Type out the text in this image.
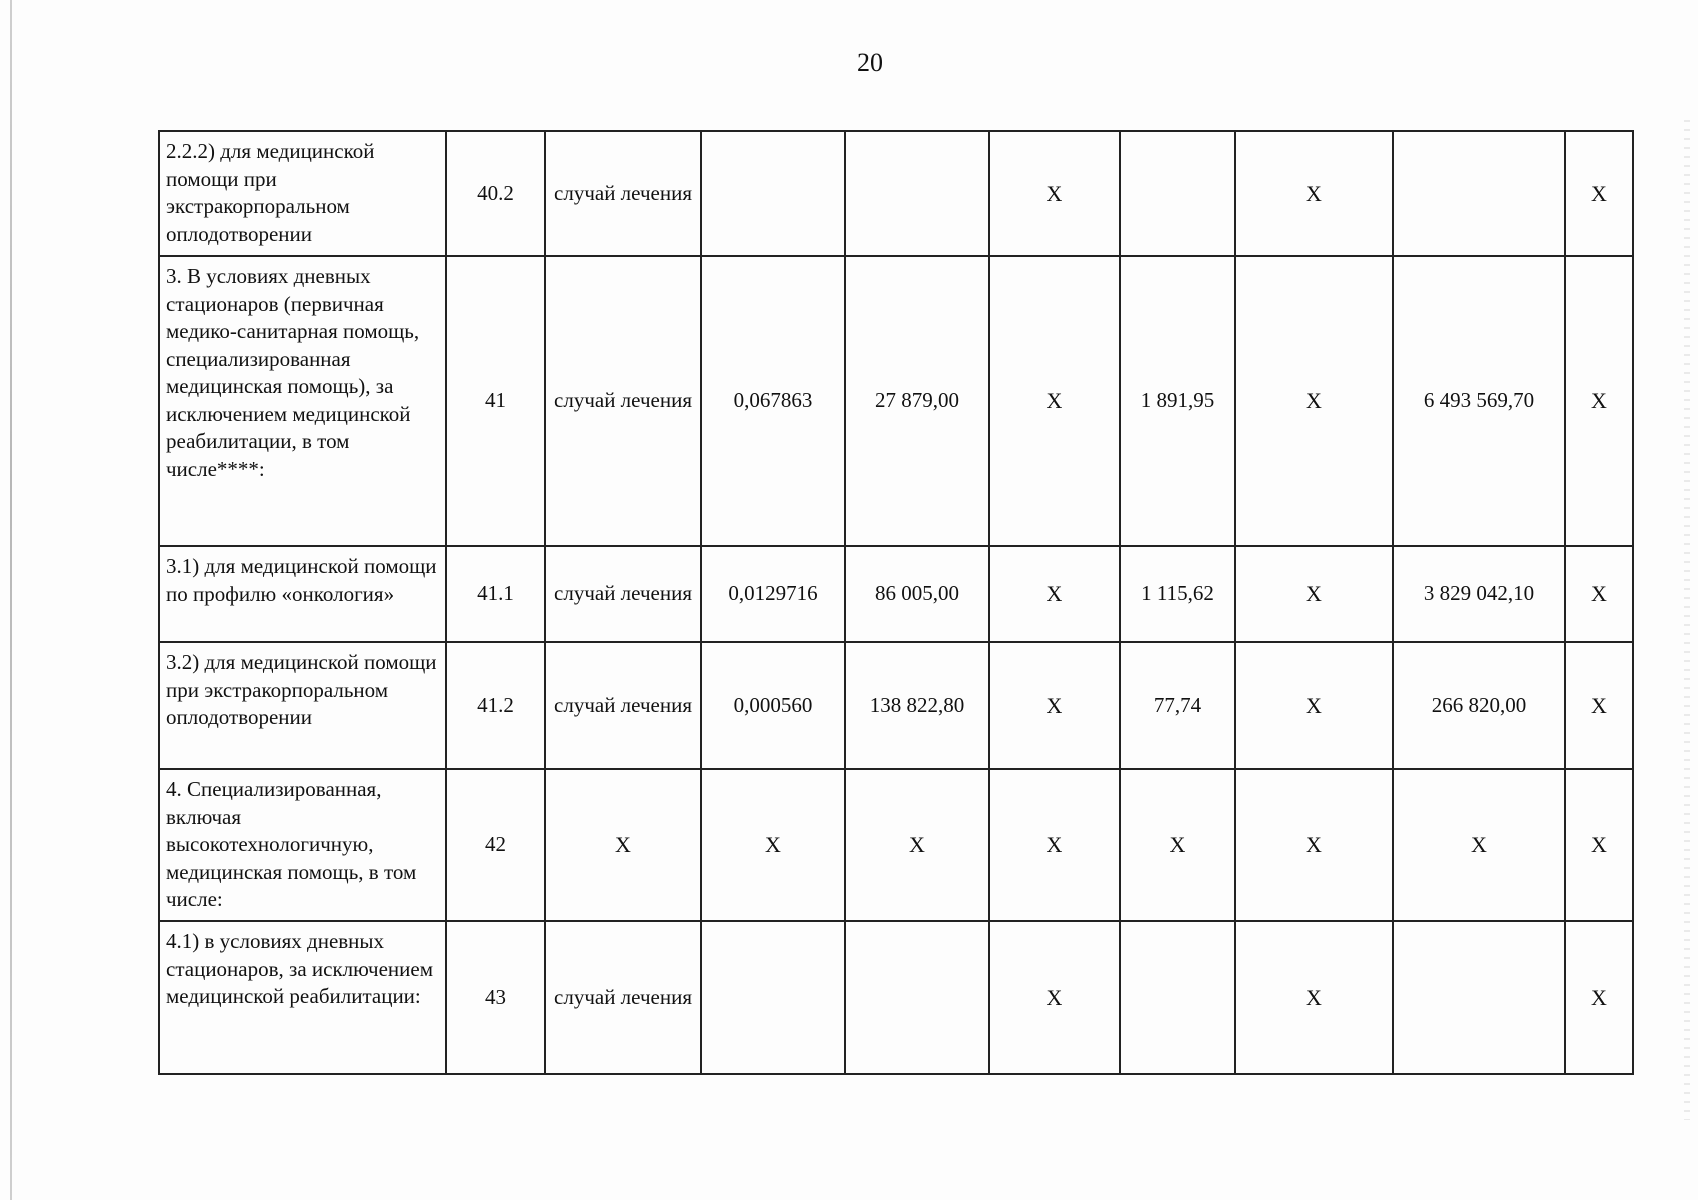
20
2.2.2) для медицинской помощи при экстракорпоральном оплодотворении	40.2	случай лечения			Х		Х		Х
3. В условиях дневных стационаров (первичная медико-санитарная помощь, специализированная медицинская помощь), за исключением медицинской реабилитации, в том числе****:	41	случай лечения	0,067863	27 879,00	Х	1 891,95	Х	6 493 569,70	Х
3.1) для медицинской помощи по профилю «онкология»	41.1	случай лечения	0,0129716	86 005,00	Х	1 115,62	Х	3 829 042,10	Х
3.2) для медицинской помощи при экстракорпоральном оплодотворении	41.2	случай лечения	0,000560	138 822,80	Х	77,74	Х	266 820,00	Х
4. Специализированная, включая высокотехнологичную, медицинская помощь, в том числе:	42	Х	Х	Х	Х	Х	Х	Х	Х
4.1) в условиях дневных стационаров, за исключением медицинской реабилитации:	43	случай лечения			Х		Х		Х
